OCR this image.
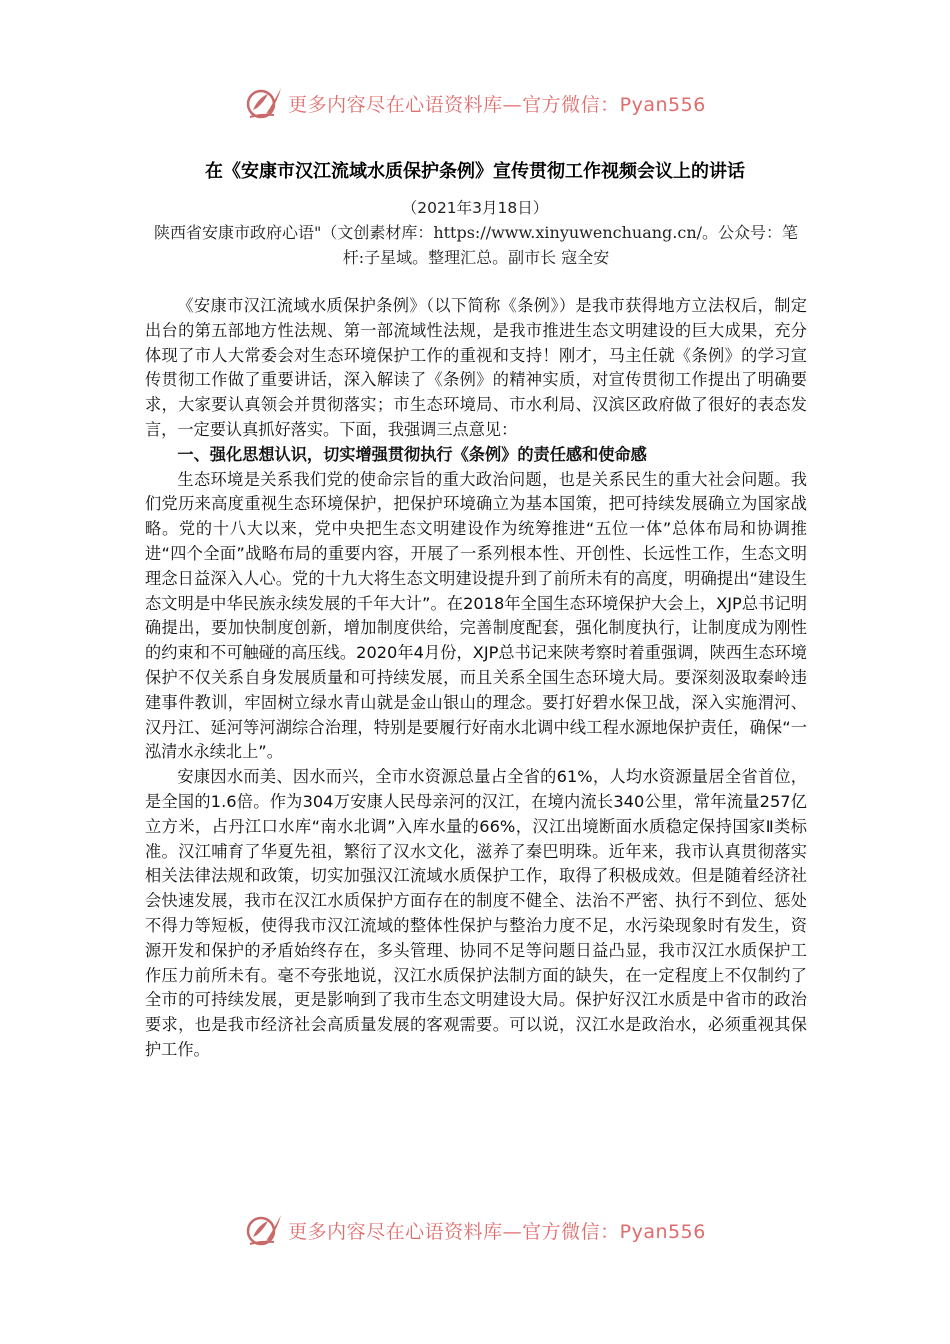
更多内容尽在心语资料库—官方微信：Pyan556
在《安康市汉江流域水质保护条例》宣传贯彻工作视频会议上的讲话
（2021年3月18日）
陕西省安康市政府心语"（文创素材库：https://www.xinyuwenchuang.cn/。公众号：笔杆:子星域。整理汇总。副市长 寇全安

《安康市汉江流域水质保护条例》（以下简称《条例》）是我市获得地方立法权后，制定出台的第五部地方性法规、第一部流域性法规，是我市推进生态文明建设的巨大成果，充分体现了市人大常委会对生态环境保护工作的重视和支持！刚才，马主任就《条例》的学习宣传贯彻工作做了重要讲话，深入解读了《条例》的精神实质，对宣传贯彻工作提出了明确要求，大家要认真领会并贯彻落实；市生态环境局、市水利局、汉滨区政府做了很好的表态发言，一定要认真抓好落实。下面，我强调三点意见：

一、强化思想认识，切实增强贯彻执行《条例》的责任感和使命感

生态环境是关系我们党的使命宗旨的重大政治问题，也是关系民生的重大社会问题。我们党历来高度重视生态环境保护，把保护环境确立为基本国策，把可持续发展确立为国家战略。党的十八大以来，党中央把生态文明建设作为统筹推进“五位一体”总体布局和协调推进“四个全面”战略布局的重要内容，开展了一系列根本性、开创性、长远性工作，生态文明理念日益深入人心。党的十九大将生态文明建设提升到了前所未有的高度，明确提出“建设生态文明是中华民族永续发展的千年大计”。在2018年全国生态环境保护大会上，XJP总书记明确提出，要加快制度创新，增加制度供给，完善制度配套，强化制度执行，让制度成为刚性的约束和不可触碰的高压线。2020年4月份，XJP总书记来陕考察时着重强调，陕西生态环境保护不仅关系自身发展质量和可持续发展，而且关系全国生态环境大局。要深刻汲取秦岭违建事件教训，牢固树立绿水青山就是金山银山的理念。要打好碧水保卫战，深入实施渭河、汉丹江、延河等河湖综合治理，特别是要履行好南水北调中线工程水源地保护责任，确保“一泓清水永续北上”。

安康因水而美、因水而兴，全市水资源总量占全省的61%，人均水资源量居全省首位，是全国的1.6倍。作为304万安康人民母亲河的汉江，在境内流长340公里，常年流量257亿立方米，占丹江口水库“南水北调”入库水量的66%，汉江出境断面水质稳定保持国家Ⅱ类标准。汉江哺育了华夏先祖，繁衍了汉水文化，滋养了秦巴明珠。近年来，我市认真贯彻落实相关法律法规和政策，切实加强汉江流域水质保护工作，取得了积极成效。但是随着经济社会快速发展，我市在汉江水质保护方面存在的制度不健全、法治不严密、执行不到位、惩处不得力等短板，使得我市汉江流域的整体性保护与整治力度不足，水污染现象时有发生，资源开发和保护的矛盾始终存在，多头管理、协同不足等问题日益凸显，我市汉江水质保护工作压力前所未有。毫不夸张地说，汉江水质保护法制方面的缺失，在一定程度上不仅制约了全市的可持续发展，更是影响到了我市生态文明建设大局。保护好汉江水质是中省市的政治要求，也是我市经济社会高质量发展的客观需要。可以说，汉江水是政治水，必须重视其保护工作。

更多内容尽在心语资料库—官方微信：Pyan556
